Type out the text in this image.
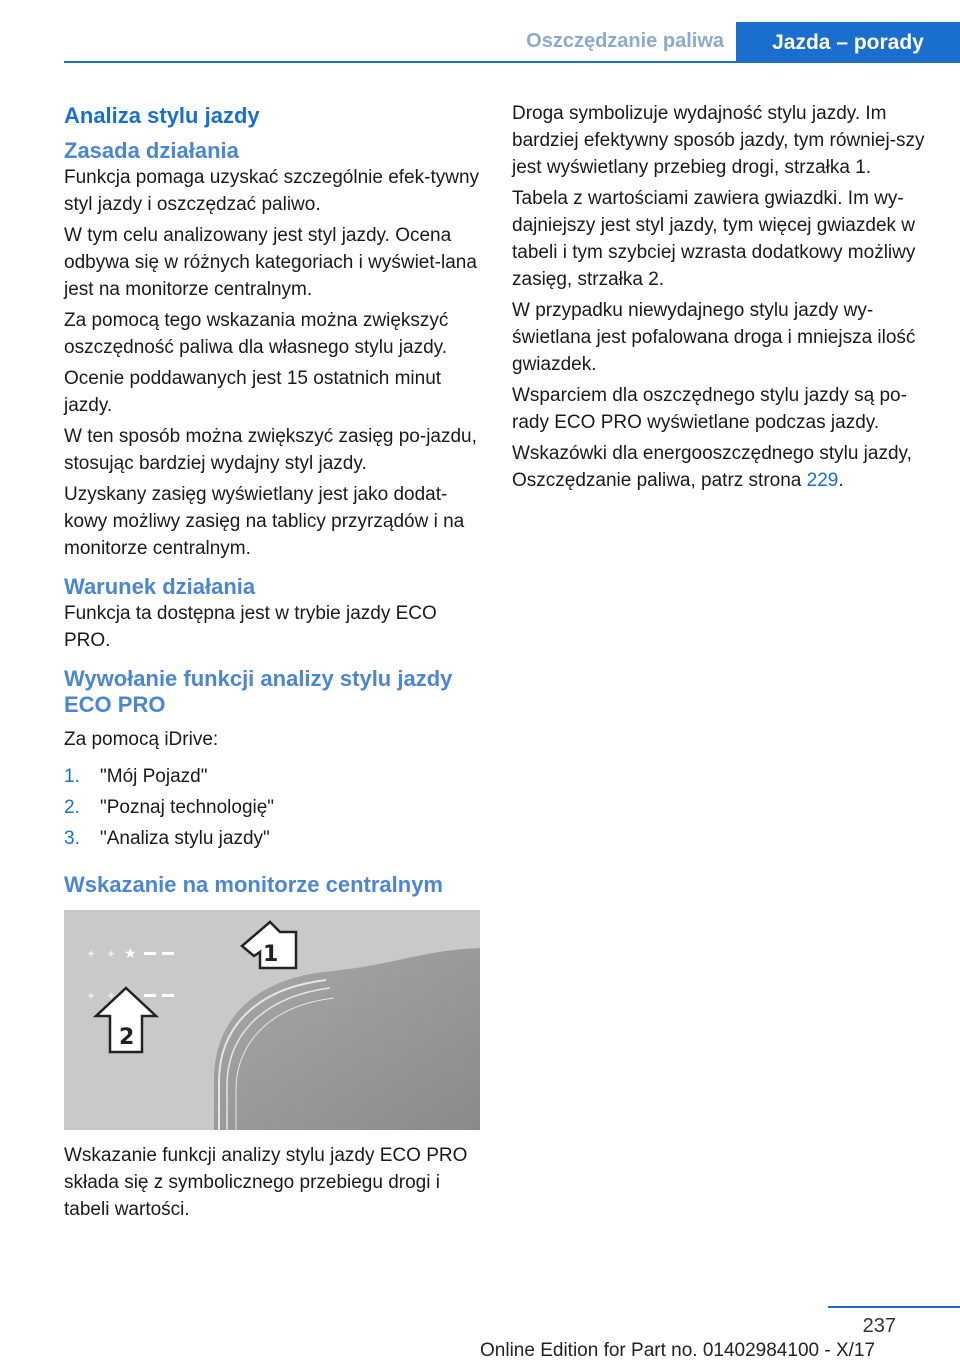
Oszczędzanie paliwa	Jazda – porady
Analiza stylu jazdy
Zasada działania

Funkcja pomaga uzyskać szczególnie efek-tywny styl jazdy i oszczędzać paliwo.

W tym celu analizowany jest styl jazdy. Ocena odbywa się w różnych kategoriach i wyświet-lana jest na monitorze centralnym.

Za pomocą tego wskazania można zwiększyć oszczędność paliwa dla własnego stylu jazdy.

Ocenie poddawanych jest 15 ostatnich minut jazdy.

W ten sposób można zwiększyć zasięg po-jazdu, stosując bardziej wydajny styl jazdy.

Uzyskany zasięg wyświetlany jest jako dodat-kowy możliwy zasięg na tablicy przyrządów i na monitorze centralnym.

Warunek działania

Funkcja ta dostępna jest w trybie jazdy ECO PRO.

Wywołanie funkcji analizy stylu jazdy ECO PRO

Za pomocą iDrive:

1.	"Mój Pojazd"
2.	"Poznaj technologię"
3.	"Analiza stylu jazdy"
Wskazanie na monitorze centralnym
✦ ✦ ★
✦ ✦
1
2
Wskazanie funkcji analizy stylu jazdy ECO PRO składa się z symbolicznego przebiegu drogi i tabeli wartości.

Droga symbolizuje wydajność stylu jazdy. Im bardziej efektywny sposób jazdy, tym równiej-szy jest wyświetlany przebieg drogi, strzałka 1.

Tabela z wartościami zawiera gwiazdki. Im wy-dajniejszy jest styl jazdy, tym więcej gwiazdek w tabeli i tym szybciej wzrasta dodatkowy możliwy zasięg, strzałka 2.

W przypadku niewydajnego stylu jazdy wy-świetlana jest pofalowana droga i mniejsza ilość gwiazdek.

Wsparciem dla oszczędnego stylu jazdy są po-rady ECO PRO wyświetlane podczas jazdy.

Wskazówki dla energooszczędnego stylu jazdy, Oszczędzanie paliwa, patrz strona 229.

237
Online Edition for Part no. 01402984100 - X/17
